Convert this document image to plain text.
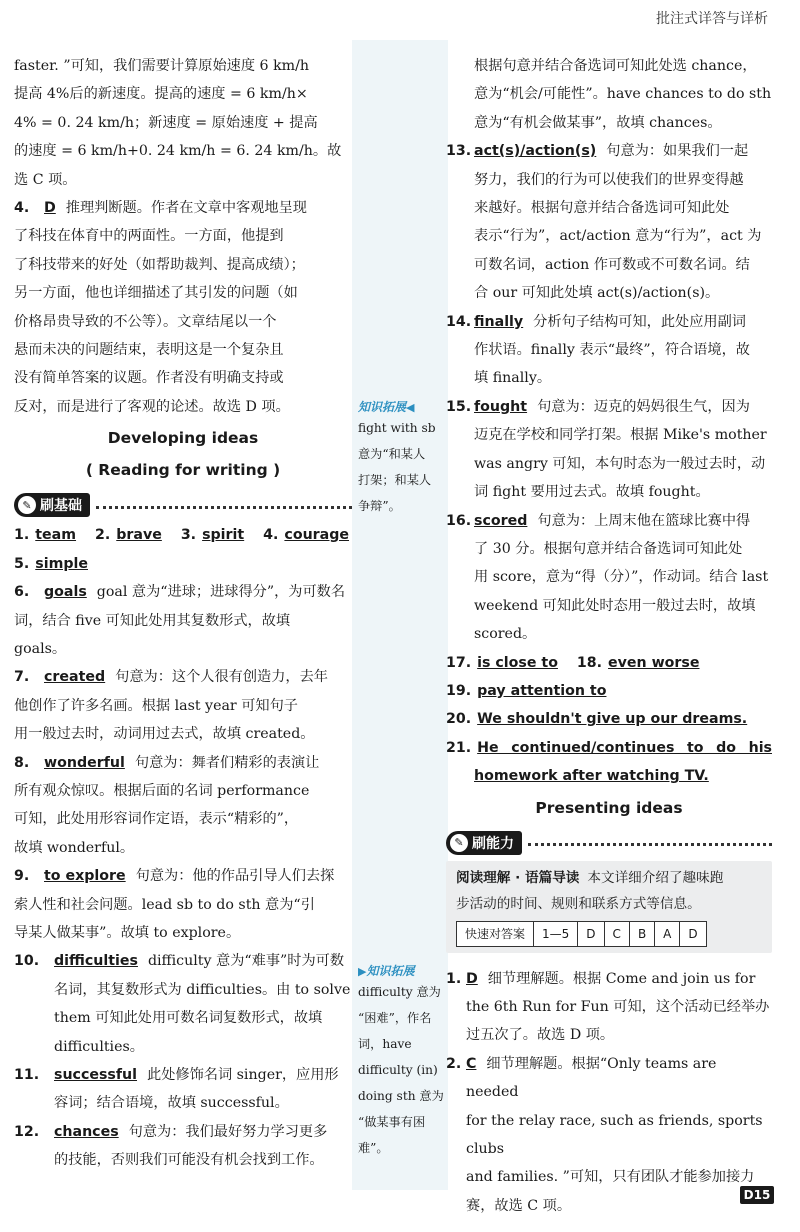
批注式详答与详析

faster. ”可知，我们需要计算原始速度 6 km/h

提高 4%后的新速度。提高的速度 = 6 km/h×

4% = 0. 24 km/h；新速度 = 原始速度 + 提高

的速度 = 6 km/h+0. 24 km/h = 6. 24 km/h。故

选 C 项。

4. D 推理判断题。作者在文章中客观地呈现

了科技在体育中的两面性。一方面，他提到

了科技带来的好处（如帮助裁判、提高成绩）；

另一方面，他也详细描述了其引发的问题（如

价格昂贵导致的不公等）。文章结尾以一个

悬而未决的问题结束，表明这是一个复杂且

没有简单答案的议题。作者没有明确支持或

反对，而是进行了客观的论述。故选 D 项。

Developing ideas
( Reading for writing )
✎ 刷基础
1. team 2. brave 3. spirit 4. courage
5. simple
6. goals goal 意为“进球；进球得分”，为可数名

词，结合 five 可知此处用其复数形式，故填

goals。

7. created 句意为：这个人很有创造力，去年

他创作了许多名画。根据 last year 可知句子

用一般过去时，动词用过去式，故填 created。

8. wonderful 句意为：舞者们精彩的表演让

所有观众惊叹。根据后面的名词 performance

可知，此处用形容词作定语，表示“精彩的”，

故填 wonderful。

9. to explore 句意为：他的作品引导人们去探

索人性和社会问题。lead sb to do sth 意为“引

导某人做某事”。故填 to explore。

10. difficulties difficulty 意为“难事”时为可数

名词，其复数形式为 difficulties。由 to solve

them 可知此处用可数名词复数形式，故填

difficulties。

11. successful 此处修饰名词 singer，应用形

容词；结合语境，故填 successful。

12. chances 句意为：我们最好努力学习更多

的技能，否则我们可能没有机会找到工作。

知识拓展◀

fight with sb

意为“和某人

打架；和某人

争辩”。

▶知识拓展

difficulty 意为

“困难”，作名

词，have

difficulty (in)

doing sth 意为

“做某事有困

难”。

根据句意并结合备选词可知此处选 chance，

意为“机会/可能性”。have chances to do sth

意为“有机会做某事”，故填 chances。

13. act(s)/action(s) 句意为：如果我们一起

努力，我们的行为可以使我们的世界变得越

来越好。根据句意并结合备选词可知此处

表示“行为”，act/action 意为“行为”，act 为

可数名词，action 作可数或不可数名词。结

合 our 可知此处填 act(s)/action(s)。

14. finally 分析句子结构可知，此处应用副词

作状语。finally 表示“最终”，符合语境，故

填 finally。

15. fought 句意为：迈克的妈妈很生气，因为

迈克在学校和同学打架。根据 Mike's mother

was angry 可知，本句时态为一般过去时，动

词 fight 要用过去式。故填 fought。

16. scored 句意为：上周末他在篮球比赛中得

了 30 分。根据句意并结合备选词可知此处

用 score，意为“得（分）”，作动词。结合 last

weekend 可知此处时态用一般过去时，故填

scored。

17. is close to 18. even worse
19. pay attention to
20. We shouldn't give up our dreams.
21. He continued/continues to do his
homework after watching TV.
Presenting ideas
✎ 刷能力

阅读理解 · 语篇导读 本文详细介绍了趣味跑

步活动的时间、规则和联系方式等信息。

快速对答案	1—5	D	C	B	A	D
1. D 细节理解题。根据 Come and join us for

the 6th Run for Fun 可知，这个活动已经举办

过五次了。故选 D 项。

2. C 细节理解题。根据“Only teams are needed

for the relay race, such as friends, sports clubs

and families. ”可知，只有团队才能参加接力

赛，故选 C 项。

D15
